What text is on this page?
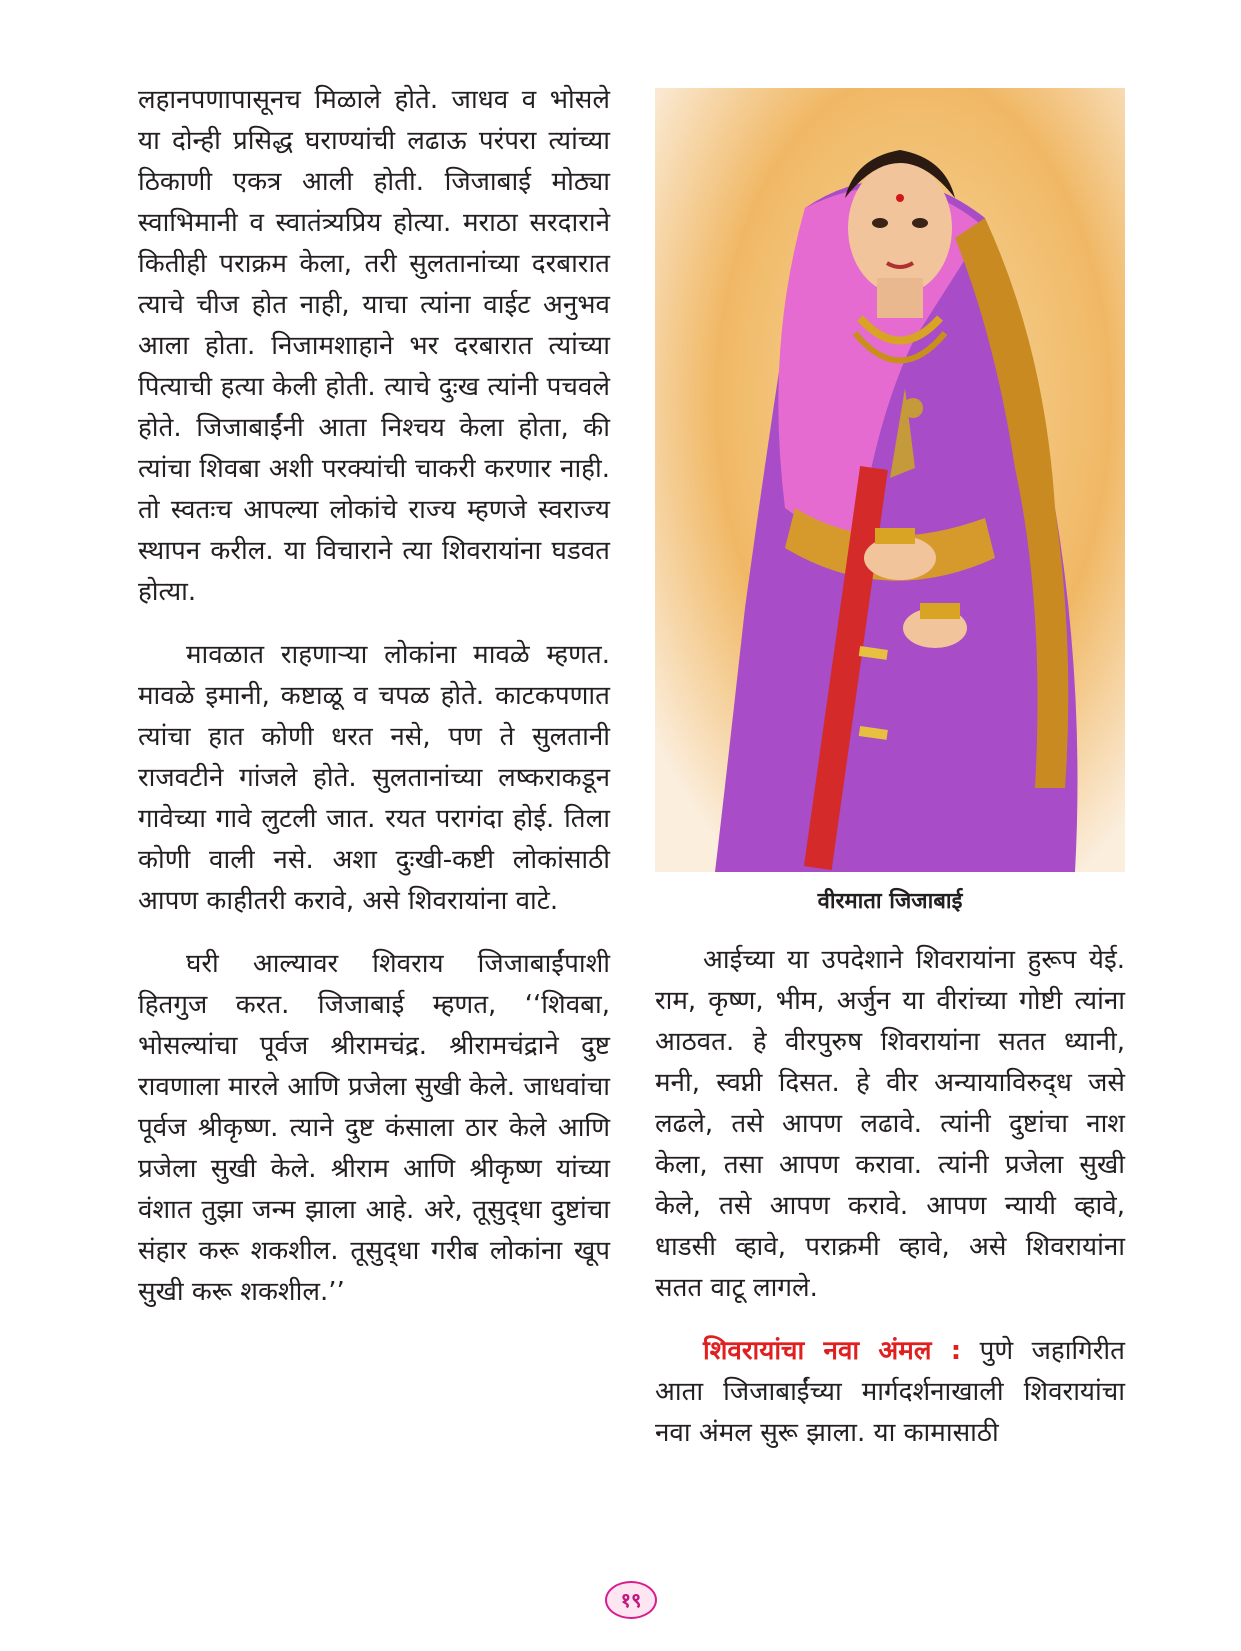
लहानपणापासूनच मिळाले होते. जाधव व भोसले या दोन्ही प्रसिद्ध घराण्यांची लढाऊ परंपरा त्यांच्या ठिकाणी एकत्र आली होती. जिजाबाई मोठ्या स्वाभिमानी व स्वातंत्र्यप्रिय होत्या. मराठा सरदाराने कितीही पराक्रम केला, तरी सुलतानांच्या दरबारात त्याचे चीज होत नाही, याचा त्यांना वाईट अनुभव आला होता. निजामशाहाने भर दरबारात त्यांच्या पित्याची हत्या केली होती. त्याचे दुःख त्यांनी पचवले होते. जिजाबाईंनी आता निश्चय केला होता, की त्यांचा शिवबा अशी परक्यांची चाकरी करणार नाही. तो स्वतःच आपल्या लोकांचे राज्य म्हणजे स्वराज्य स्थापन करील. या विचाराने त्या शिवरायांना घडवत होत्या.

मावळात राहणाऱ्या लोकांना मावळे म्हणत. मावळे इमानी, कष्टाळू व चपळ होते. काटकपणात त्यांचा हात कोणी धरत नसे, पण ते सुलतानी राजवटीने गांजले होते. सुलतानांच्या लष्कराकडून गावेच्या गावे लुटली जात. रयत परागंदा होई. तिला कोणी वाली नसे. अशा दुःखी-कष्टी लोकांसाठी आपण काहीतरी करावे, असे शिवरायांना वाटे.

घरी आल्यावर शिवराय जिजाबाईंपाशी हितगुज करत. जिजाबाई म्हणत, ‘‘शिवबा, भोसल्यांचा पूर्वज श्रीरामचंद्र. श्रीरामचंद्राने दुष्ट रावणाला मारले आणि प्रजेला सुखी केले. जाधवांचा पूर्वज श्रीकृष्ण. त्याने दुष्ट कंसाला ठार केले आणि प्रजेला सुखी केले. श्रीराम आणि श्रीकृष्ण यांच्या वंशात तुझा जन्म झाला आहे. अरे, तूसुद्‌धा दुष्टांचा संहार करू शकशील. तूसुद्‌धा गरीब लोकांना खूप सुखी करू शकशील.’’

वीरमाता जिजाबाई

आईच्या या उपदेशाने शिवरायांना हुरूप येई. राम, कृष्ण, भीम, अर्जुन या वीरांच्या गोष्टी त्यांना आठवत. हे वीरपुरुष शिवरायांना सतत ध्यानी, मनी, स्वप्नी दिसत. हे वीर अन्यायाविरुद्‌ध जसे लढले, तसे आपण लढावे. त्यांनी दुष्टांचा नाश केला, तसा आपण करावा. त्यांनी प्रजेला सुखी केले, तसे आपण करावे. आपण न्यायी व्हावे, धाडसी व्हावे, पराक्रमी व्हावे, असे शिवरायांना सतत वाटू लागले.

शिवरायांचा नवा अंमल : पुणे जहागिरीत आता जिजाबाईंच्या मार्गदर्शनाखाली शिवरायांचा नवा अंमल सुरू झाला. या कामासाठी

१९
